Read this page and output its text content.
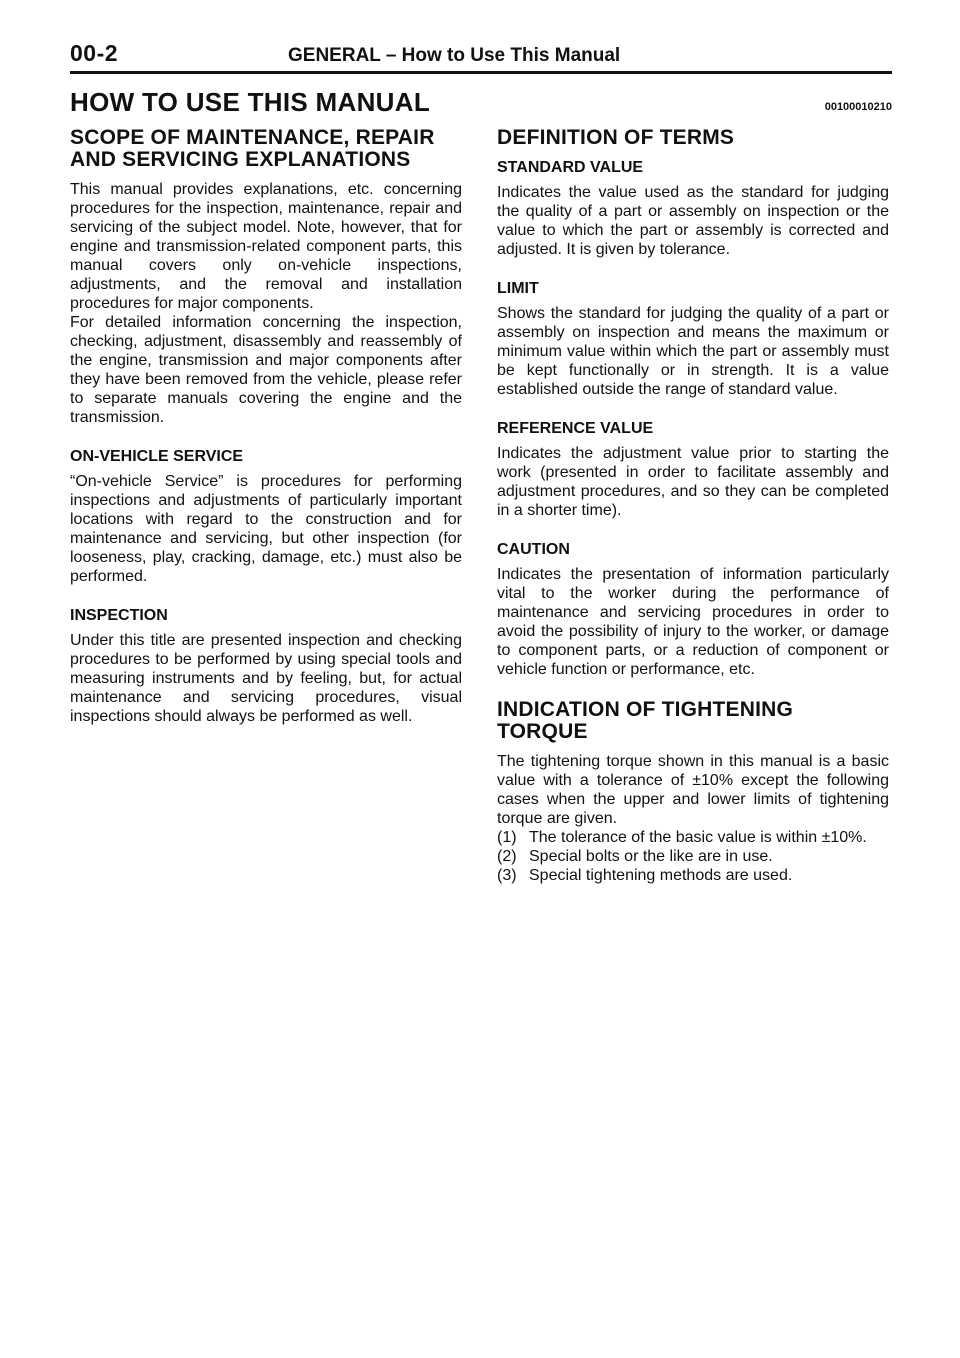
00-2	GENERAL – How to Use This Manual
HOW TO USE THIS MANUAL	00100010210
SCOPE OF MAINTENANCE, REPAIR
AND SERVICING EXPLANATIONS

This manual provides explanations, etc. concerning procedures for the inspection, maintenance, repair and servicing of the subject model. Note, however, that for engine and transmission-related component parts, this manual covers only on-vehicle inspections, adjustments, and the removal and installation procedures for major components.

For detailed information concerning the inspection, checking, adjustment, disassembly and reassembly of the engine, transmission and major components after they have been removed from the vehicle, please refer to separate manuals covering the engine and the transmission.

ON-VEHICLE SERVICE

“On-vehicle Service” is procedures for performing inspections and adjustments of particularly important locations with regard to the construction and for maintenance and servicing, but other inspection (for looseness, play, cracking, damage, etc.) must also be performed.

INSPECTION

Under this title are presented inspection and checking procedures to be performed by using special tools and measuring instruments and by feeling, but, for actual maintenance and servicing procedures, visual inspections should always be performed as well.

DEFINITION OF TERMS
STANDARD VALUE

Indicates the value used as the standard for judging the quality of a part or assembly on inspection or the value to which the part or assembly is corrected and adjusted. It is given by tolerance.

LIMIT

Shows the standard for judging the quality of a part or assembly on inspection and means the maximum or minimum value within which the part or assembly must be kept functionally or in strength. It is a value established outside the range of standard value.

REFERENCE VALUE

Indicates the adjustment value prior to starting the work (presented in order to facilitate assembly and adjustment procedures, and so they can be completed in a shorter time).

CAUTION

Indicates the presentation of information particularly vital to the worker during the performance of maintenance and servicing procedures in order to avoid the possibility of injury to the worker, or damage to component parts, or a reduction of component or vehicle function or performance, etc.

INDICATION OF TIGHTENING TORQUE

The tightening torque shown in this manual is a basic value with a tolerance of ±10% except the following cases when the upper and lower limits of tightening torque are given.

(1) The tolerance of the basic value is within ±10%.
(2) Special bolts or the like are in use.
(3) Special tightening methods are used.
